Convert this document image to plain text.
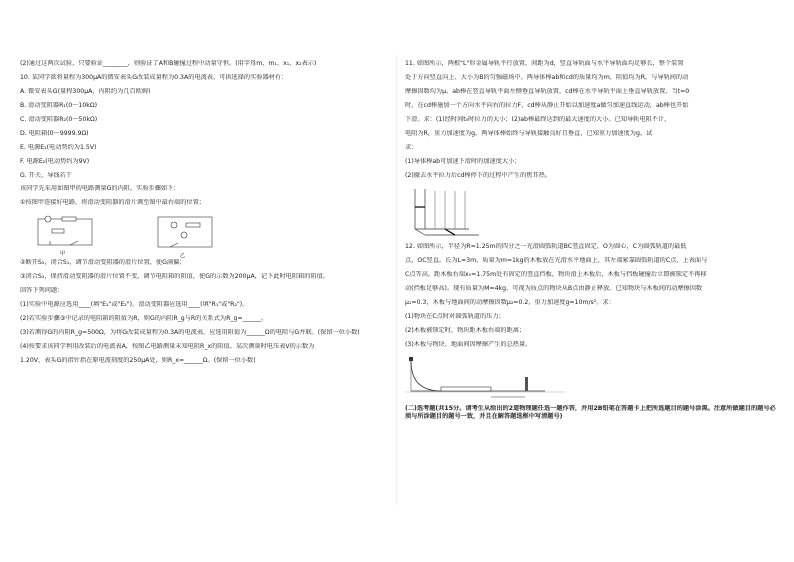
(2)通过这两次试验，只要验证________，则验证了A和B碰撞过程中动量守恒。(用字母m、m₁、x₁、x₂表示)
10. 某同学欲将量程为300μA的微安表头G改装成量程为0.3A的电流表。可供选择的实验器材有：
A. 微安表头G(量程300μA，内阻约为几百欧姆)
B. 滑动变阻器R₁(0～10kΩ)
C. 滑动变阻器R₂(0～50kΩ)
D. 电阻箱(0～9999.9Ω)
E. 电源E₁(电动势约为1.5V)
F. 电源E₂(电动势约为9V)
G. 开关、导线若干
该同学先采用如图甲的电路测量G的内阻，实验步骤如下：
①按图甲连接好电路，将滑动变阻器的滑片调至图中最右端的位置；
甲	乙
②断开S₂，闭合S₁，调节滑动变阻器的滑片位置，使G满偏；
③闭合S₂，保持滑动变阻器的滑片位置不变，调节电阻箱的阻值，使G的示数为200μA，记下此时电阻箱的阻值。
回答下列问题：
(1)实验中电源应选用____(填"E₁"或"E₂")，滑动变阻器应选用____(填"R₁"或"R₂")。
(2)若实验步骤③中记录的电阻箱的阻值为R，则G的内阻R_g与R的关系式为R_g=______。
(3)若测得G的内阻R_g=500Ω，为将G改装成量程为0.3A的电流表，应选用阻值为______Ω的电阻与G并联。(保留一位小数)
(4)按要求该同学利用改装后的电流表A，按图乙电路测量未知电阻R_x的阻值。某次测量时电压表V的示数为
1.20V，表头G的指针指在原电流刻度的250μA处，则R_x=______Ω。(保留一位小数)
11. 如图所示，两根"L"形金属导轨平行放置，间距为d，竖直导轨面与水平导轨面均足够长，整个装置
处于方向竖直向上、大小为B的匀强磁场中。两导体棒ab和cd的质量均为m，阻值均为R，与导轨间的动
摩擦因数均为μ。ab棒在竖直导轨平面左侧垂直导轨放置，cd棒在水平导轨平面上垂直导轨放置。当t=0
时，在cd棒施加一个方向水平向右的拉力F，cd棒从静止开始以加速度a做匀加速直线运动，ab棒也开始
下滑。求：(1)经时间t₀时拉力的大小；(2)ab棒最终达到的最大速度的大小。已知导轨电阻不计，
电阻为R，重力加速度为g。两导体棒始终与导轨接触良好且垂直，已知重力加速度为g。试
求：
(1)导体棒ab可加速下滑时的加速度大小；
(2)撤去水平拉力后cd棒停下的过程中产生的焦耳热。
12. 如图所示，半径为R=1.25m的四分之一光滑圆弧轨道BC竖直固定，O为圆心，C为圆弧轨道的最低
点，OC竖直。长为L=3m、质量为m=1kg的木板放在光滑水平地面上，其左端紧靠圆弧轨道的C点，上表面与
C点等高。距木板右端x₀=1.75m处有固定的竖直挡板，物块滑上木板后，木板与挡板碰撞后立即被锁定不再移
动(挡板足够高)。现有质量为M=4kg、可视为质点的物块从B点由静止释放。已知物块与木板间的动摩擦因数
μ₁=0.3，木板与地面间的动摩擦因数μ₂=0.2，重力加速度g=10m/s²。求：
(1)物块在C点时对圆弧轨道的压力；
(2)木板被锁定时，物块距木板右端的距离；
(3)木板与物块、地面间因摩擦产生的总热量。
(二)选考题(共15分。请考生从给出的2道物理题任选一题作答，并用2B铅笔在答题卡上把所选题目的题号涂黑。注意所做题目的题号必须与所涂题目的题号一致，并且在解答题选框中写清题号)
